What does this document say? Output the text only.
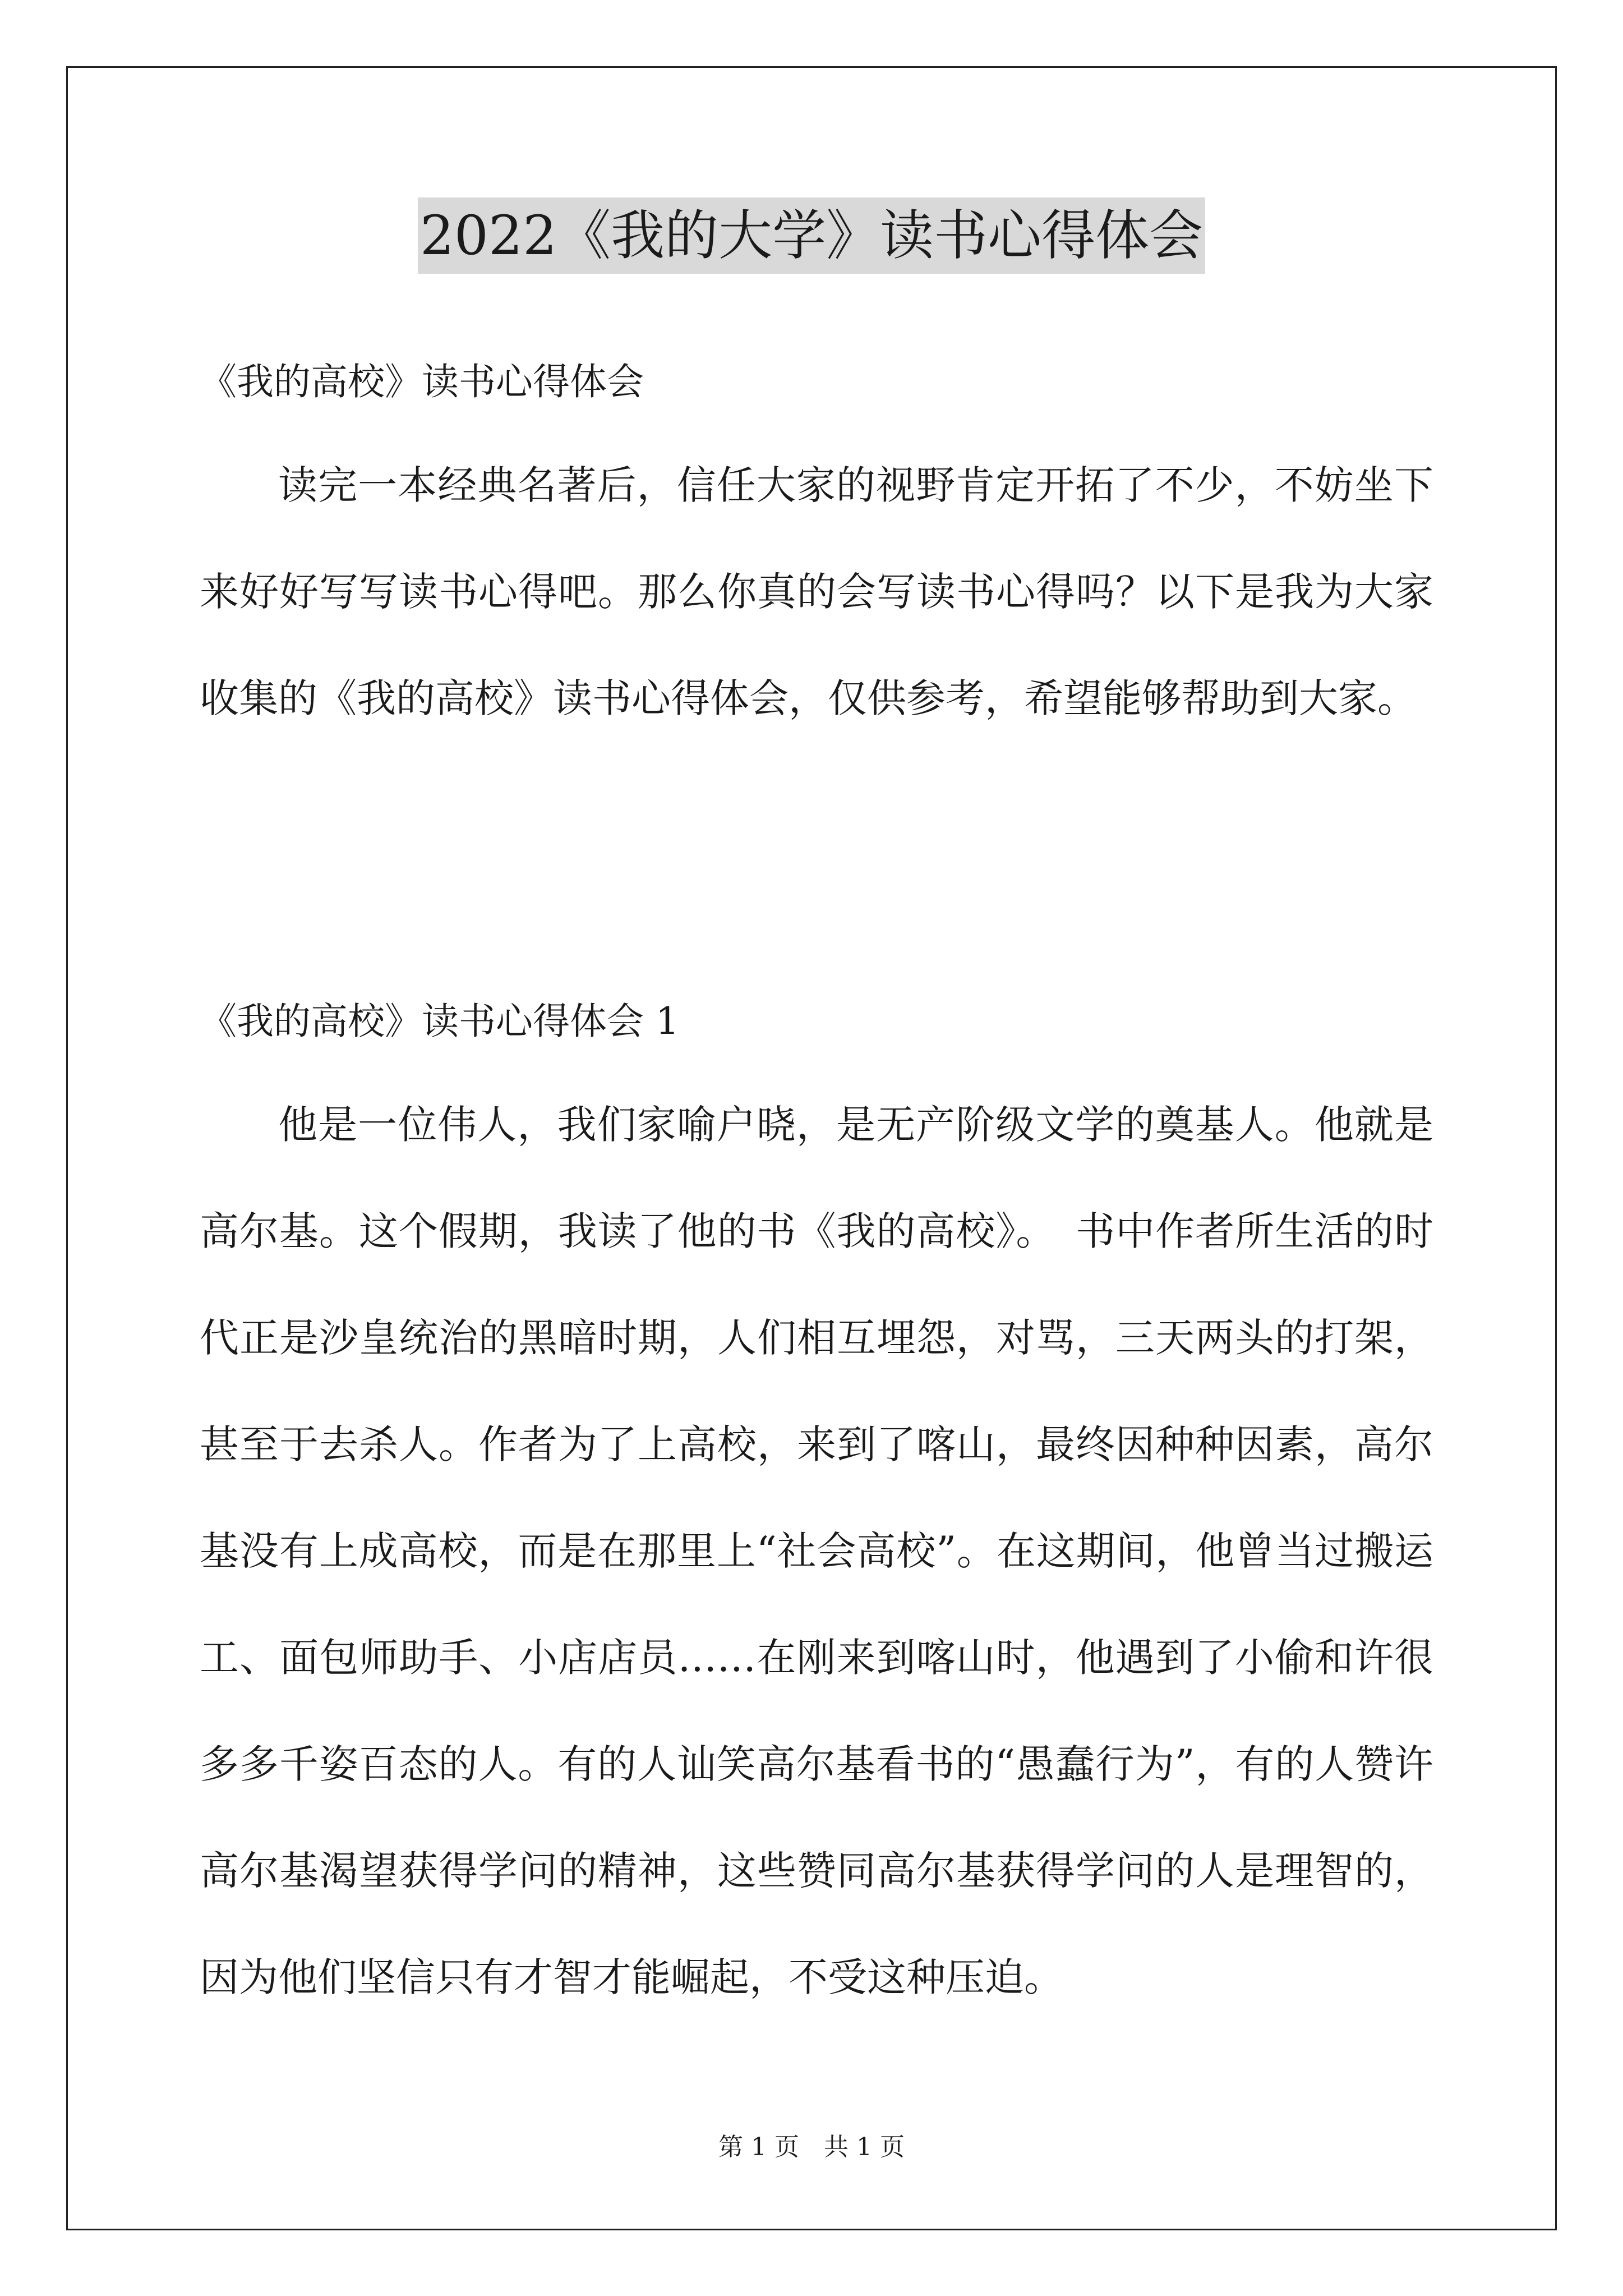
2022《我的大学》读书心得体会
《我的高校》读书心得体会

读完一本经典名著后，信任大家的视野肯定开拓了不少，不妨坐下来好好写写读书心得吧。那么你真的会写读书心得吗？以下是我为大家收集的《我的高校》读书心得体会，仅供参考，希望能够帮助到大家。

《我的高校》读书心得体会 1

他是一位伟人，我们家喻户晓，是无产阶级文学的奠基人。他就是高尔基。这个假期，我读了他的书《我的高校》。　书中作者所生活的时代正是沙皇统治的黑暗时期，人们相互埋怨，对骂，三天两头的打架，甚至于去杀人。作者为了上高校，来到了喀山，最终因种种因素，高尔基没有上成高校，而是在那里上“社会高校”。在这期间，他曾当过搬运工、面包师助手、小店店员……在刚来到喀山时，他遇到了小偷和许很多多千姿百态的人。有的人讪笑高尔基看书的“愚蠢行为”，有的人赞许高尔基渴望获得学问的精神，这些赞同高尔基获得学问的人是理智的，因为他们坚信只有才智才能崛起，不受这种压迫。

第 1 页　共 1 页
